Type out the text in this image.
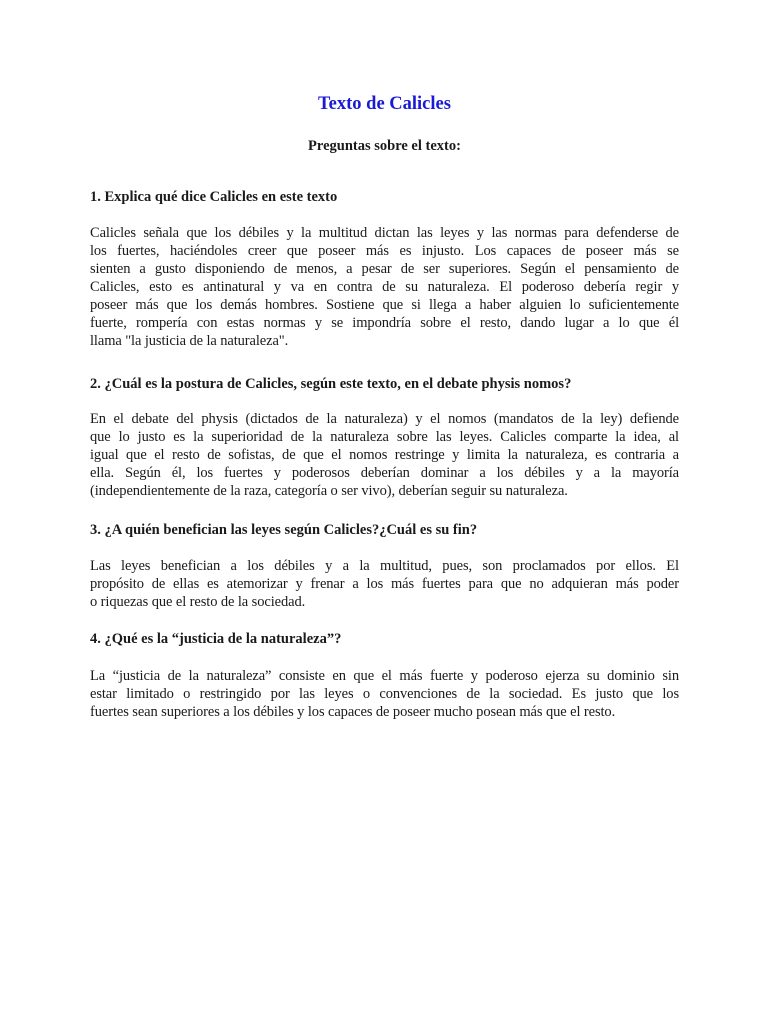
Texto de Calicles
Preguntas sobre el texto:

1. Explica qué dice Calicles en este texto

Calicles señala que los débiles y la multitud dictan las leyes y las normas para defenderse de
los fuertes, haciéndoles creer que poseer más es injusto. Los capaces de poseer más se
sienten a gusto disponiendo de menos, a pesar de ser superiores. Según el pensamiento de
Calicles, esto es antinatural y va en contra de su naturaleza. El poderoso debería regir y
poseer más que los demás hombres. Sostiene que si llega a haber alguien lo suficientemente
fuerte, rompería con estas normas y se impondría sobre el resto, dando lugar a lo que él
llama "la justicia de la naturaleza".

2. ¿Cuál es la postura de Calicles, según este texto, en el debate physis nomos?

En el debate del physis (dictados de la naturaleza) y el nomos (mandatos de la ley) defiende
que lo justo es la superioridad de la naturaleza sobre las leyes. Calicles comparte la idea, al
igual que el resto de sofistas, de que el nomos restringe y limita la naturaleza, es contraria a
ella. Según él, los fuertes y poderosos deberían dominar a los débiles y a la mayoría
(independientemente de la raza, categoría o ser vivo), deberían seguir su naturaleza.

3. ¿A quién benefician las leyes según Calicles?¿Cuál es su fin?

Las leyes benefician a los débiles y a la multitud, pues, son proclamados por ellos. El
propósito de ellas es atemorizar y frenar a los más fuertes para que no adquieran más poder
o riquezas que el resto de la sociedad.

4. ¿Qué es la “justicia de la naturaleza”?

La “justicia de la naturaleza” consiste en que el más fuerte y poderoso ejerza su dominio sin
estar limitado o restringido por las leyes o convenciones de la sociedad. Es justo que los
fuertes sean superiores a los débiles y los capaces de poseer mucho posean más que el resto.
